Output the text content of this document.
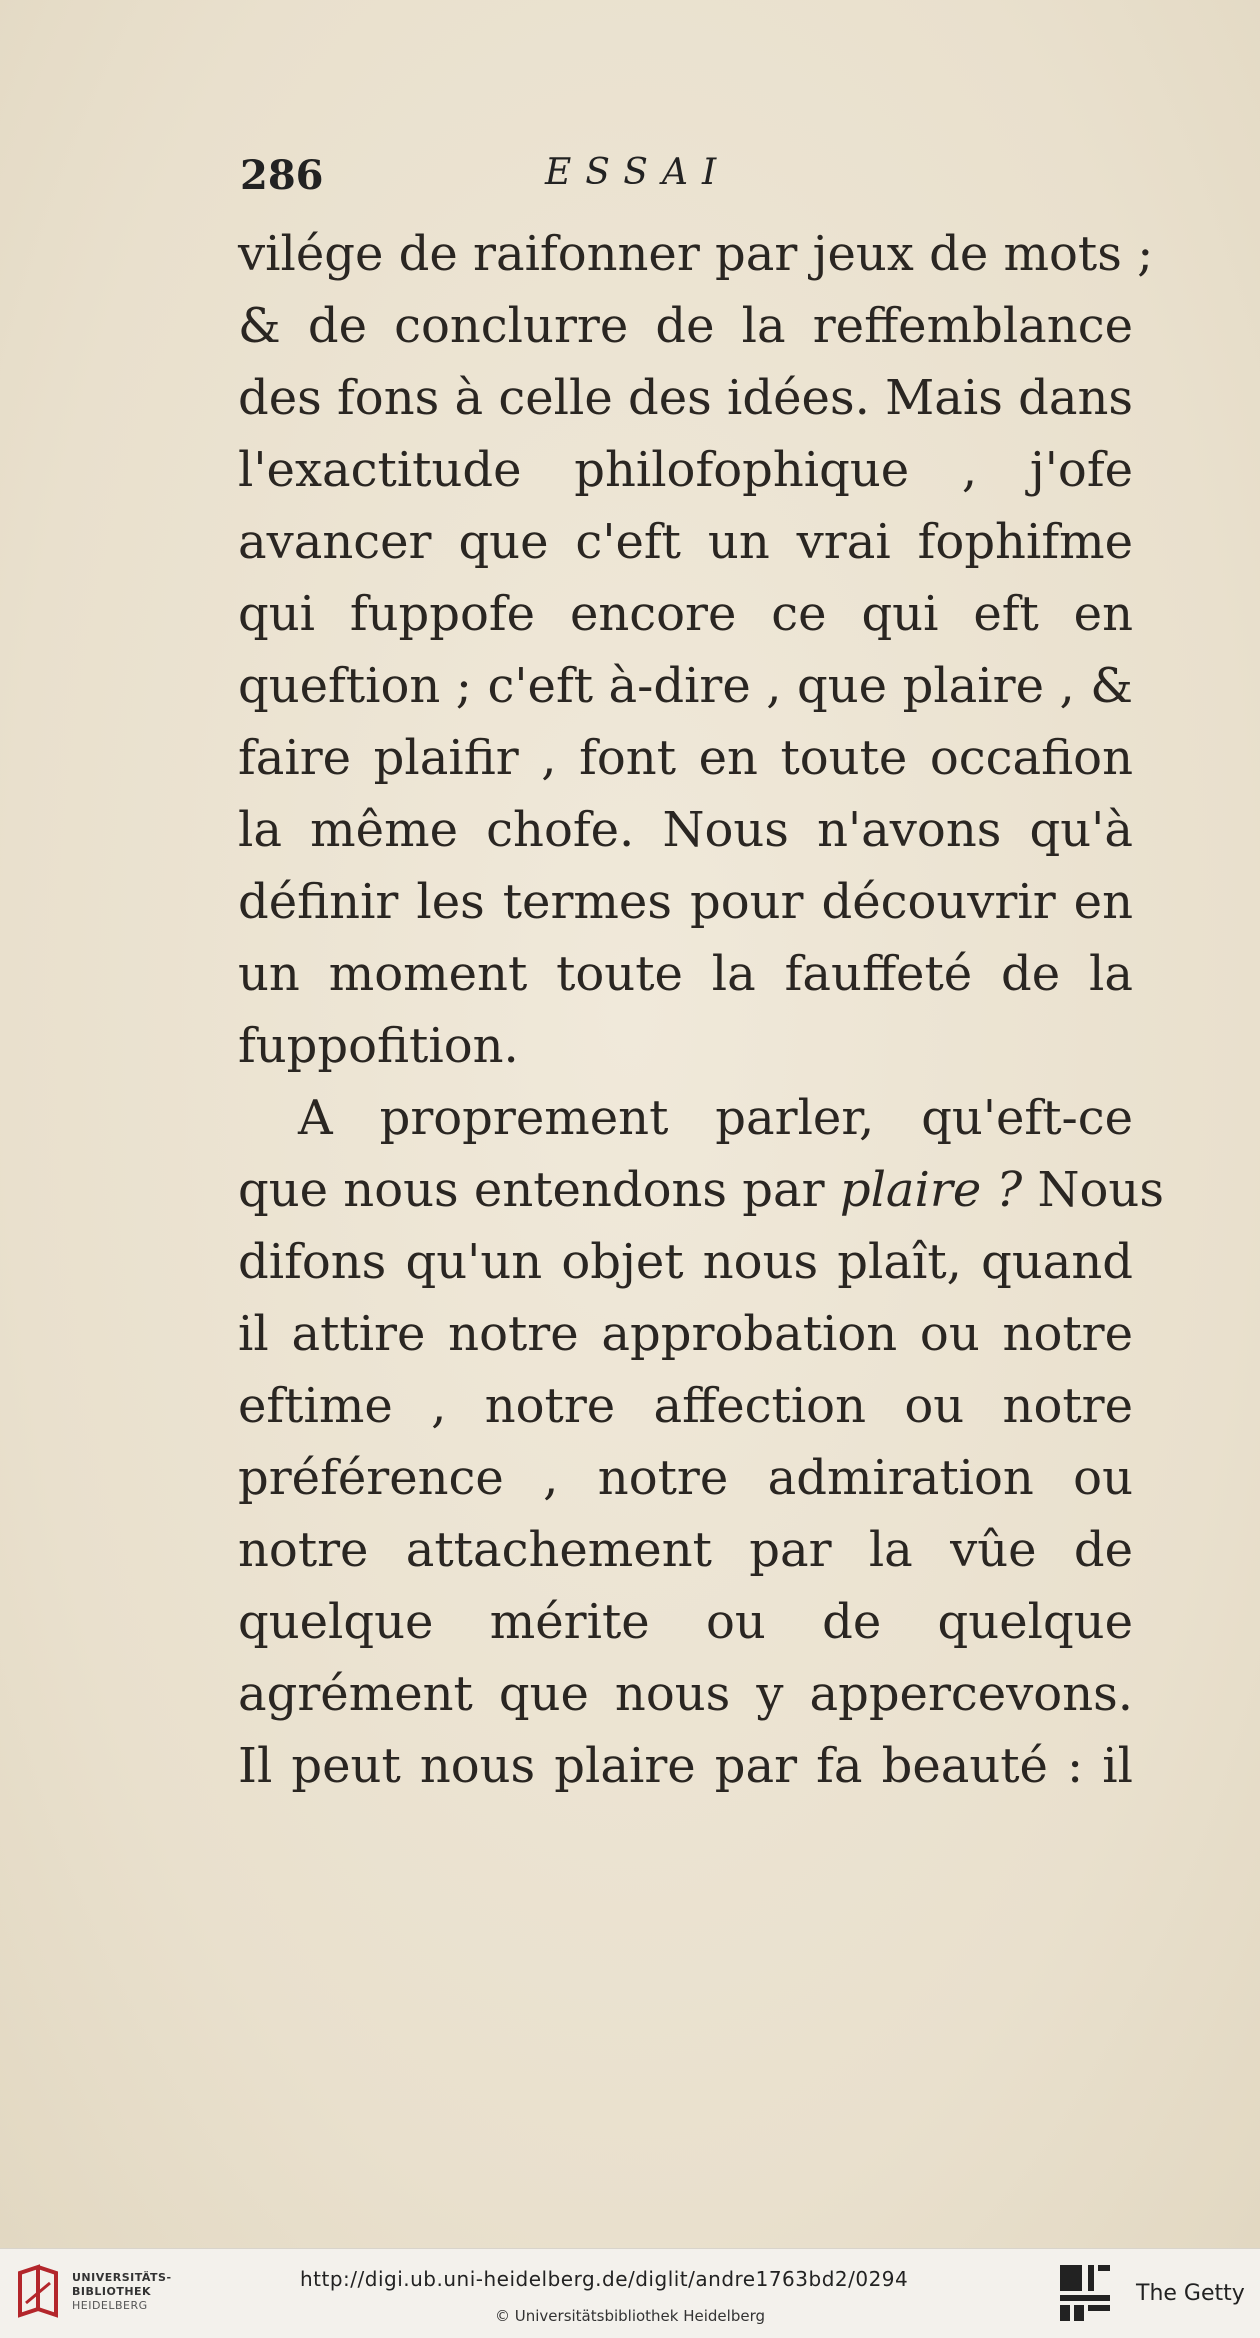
286	ESSAI
vilége de raifonner par jeux de mots ;
& de conclurre de la reffemblance
des fons à celle des idées. Mais dans
l'exactitude philofophique , j'ofe
avancer que c'eft un vrai fophifme
qui fuppofe encore ce qui eft en
queftion ; c'eft à-dire , que plaire , &
faire plaifir , font en toute occafion
la même chofe. Nous n'avons qu'à
définir les termes pour découvrir en
un moment toute la fauffeté de la
fuppofition.
A proprement parler, qu'eft-ce
que nous entendons par plaire ? Nous
difons qu'un objet nous plaît, quand
il attire notre approbation ou notre
eftime , notre affection ou notre
préférence , notre admiration ou
notre attachement par la vûe de
quelque mérite ou de quelque
agrément que nous y appercevons.
Il peut nous plaire par fa beauté : il
UNIVERSITÄTS-
BIBLIOTHEK
HEIDELBERG
http://digi.ub.uni-heidelberg.de/diglit/andre1763bd2/0294
© Universitätsbibliothek Heidelberg
The Getty
